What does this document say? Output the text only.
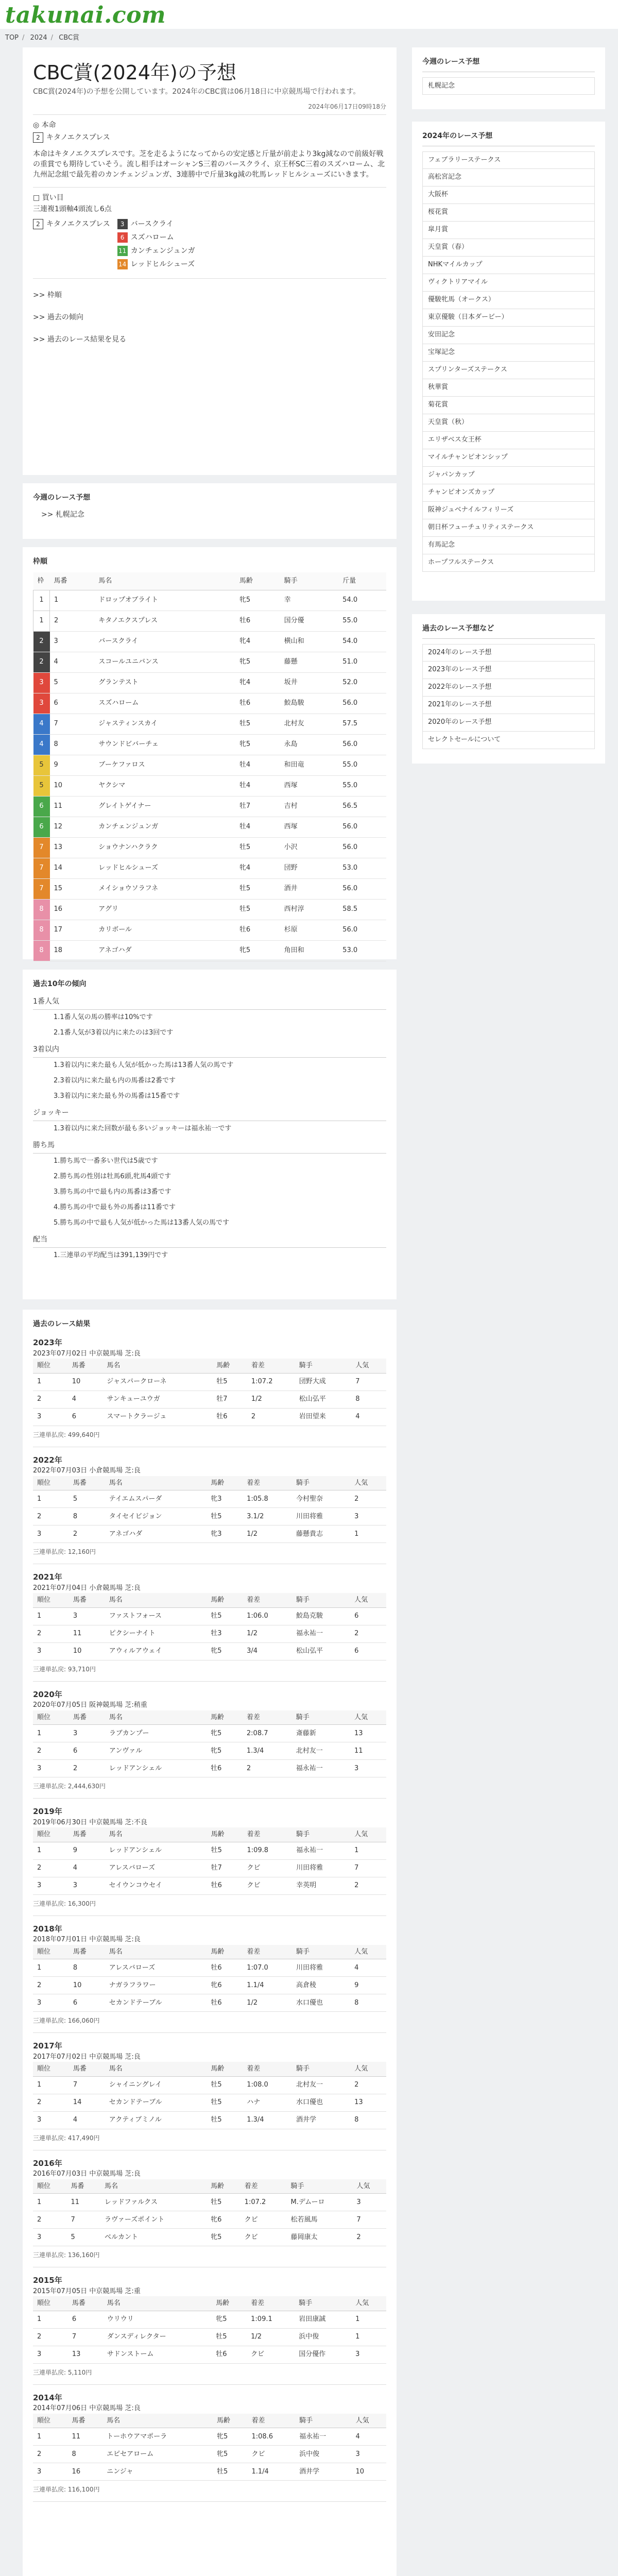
takunai.com
TOP / 2024 / CBC賞
CBC賞(2024年)の予想

CBC賞(2024年)の予想を公開しています。2024年のCBC賞は06月18日に中京競馬場で行われます。

2024年06月17日09時18分
◎ 本命
2 キタノエクスプレス

本命はキタノエクスプレスです。芝を走るようになってからの安定感と斤量が前走より3kg減なので前級好戦の重賞でも期待していそう。流し相手はオーシャンS三着のバースクライ、京王杯SC三着のスズハローム、北九州記念組で最先着のカンチェンジュンガ、3連勝中で斤量3kg減の牝馬レッドヒルシューズにいきます。

□ 買い目
三連複1頭軸4頭流し6点
2 キタノエクスプレス	3 バースクライ
6 スズハローム
11 カンチェンジュンガ
14 レッドヒルシューズ
>> 枠順
>> 過去の傾向
>> 過去のレース結果を見る
今週のレース予想
>> 札幌記念
枠順
枠	馬番	馬名	馬齢	騎手	斤量
1	1	ドロップオブライト	牝5	幸	54.0
1	2	キタノエクスプレス	牡6	国分優	55.0
2	3	バースクライ	牝4	横山和	54.0
2	4	スコールユニバンス	牝5	藤懸	51.0
3	5	グランテスト	牝4	坂井	52.0
3	6	スズハローム	牡6	鮫島駿	56.0
4	7	ジャスティンスカイ	牡5	北村友	57.5
4	8	サウンドビバーチェ	牝5	永島	56.0
5	9	ブーケファロス	牡4	和田竜	55.0
5	10	ヤクシマ	牡4	西塚	55.0
6	11	グレイトゲイナー	牡7	吉村	56.5
6	12	カンチェンジュンガ	牡4	西塚	56.0
7	13	ショウナンハクラク	牡5	小沢	56.0
7	14	レッドヒルシューズ	牝4	団野	53.0
7	15	メイショウソラフネ	牡5	酒井	56.0
8	16	アグリ	牡5	西村淳	58.5
8	17	カリボール	牡6	杉原	56.0
8	18	アネゴハダ	牝5	角田和	53.0
過去10年の傾向
1番人気
1.1番人気の馬の勝率は10%です
2.1番人気が3着以内に来たのは3回です
3着以内
1.3着以内に来た最も人気が低かった馬は13番人気の馬です
2.3着以内に来た最も内の馬番は2番です
3.3着以内に来た最も外の馬番は15番です
ジョッキー
1.3着以内に来た回数が最も多いジョッキーは福永祐一です
勝ち馬
1.勝ち馬で一番多い世代は5歳です
2.勝ち馬の性別は牡馬6頭,牝馬4頭です
3.勝ち馬の中で最も内の馬番は3番です
4.勝ち馬の中で最も外の馬番は11番です
5.勝ち馬の中で最も人気が低かった馬は13番人気の馬です
配当
1.三連単の平均配当は391,139円です
過去のレース結果
2023年
2023年07月02日 中京競馬場 芝:良
順位	馬番	馬名	馬齢	着差	騎手	人気
1	10	ジャスパークローネ	牡5	1:07.2	団野大成	7
2	4	サンキューユウガ	牡7	1/2	松山弘平	8
3	6	スマートクラージュ	牡6	2	岩田望来	4
三連単払戻: 499,640円
2022年
2022年07月03日 小倉競馬場 芝:良
順位	馬番	馬名	馬齢	着差	騎手	人気
1	5	テイエムスパーダ	牝3	1:05.8	今村聖奈	2
2	8	タイセイビジョン	牡5	3.1/2	川田将雅	3
3	2	アネゴハダ	牝3	1/2	藤懸貴志	1
三連単払戻: 12,160円
2021年
2021年07月04日 小倉競馬場 芝:良
順位	馬番	馬名	馬齢	着差	騎手	人気
1	3	ファストフォース	牡5	1:06.0	鮫島克駿	6
2	11	ピクシーナイト	牡3	1/2	福永祐一	2
3	10	アウィルアウェイ	牝5	3/4	松山弘平	6
三連単払戻: 93,710円
2020年
2020年07月05日 阪神競馬場 芝:稍重
順位	馬番	馬名	馬齢	着差	騎手	人気
1	3	ラブカンプー	牝5	2:08.7	斎藤新	13
2	6	アンヴァル	牝5	1.3/4	北村友一	11
3	2	レッドアンシェル	牡6	2	福永祐一	3
三連単払戻: 2,444,630円
2019年
2019年06月30日 中京競馬場 芝:不良
順位	馬番	馬名	馬齢	着差	騎手	人気
1	9	レッドアンシェル	牡5	1:09.8	福永祐一	1
2	4	アレスバローズ	牡7	クビ	川田将雅	7
3	3	セイウンコウセイ	牡6	クビ	幸英明	2
三連単払戻: 16,300円
2018年
2018年07月01日 中京競馬場 芝:良
順位	馬番	馬名	馬齢	着差	騎手	人気
1	8	アレスバローズ	牡6	1:07.0	川田将雅	4
2	10	ナガラフラワー	牝6	1.1/4	高倉稜	9
3	6	セカンドテーブル	牡6	1/2	水口優也	8
三連単払戻: 166,060円
2017年
2017年07月02日 中京競馬場 芝:良
順位	馬番	馬名	馬齢	着差	騎手	人気
1	7	シャイニングレイ	牡5	1:08.0	北村友一	2
2	14	セカンドテーブル	牡5	ハナ	水口優也	13
3	4	アクティブミノル	牡5	1.3/4	酒井学	8
三連単払戻: 417,490円
2016年
2016年07月03日 中京競馬場 芝:良
順位	馬番	馬名	馬齢	着差	騎手	人気
1	11	レッドファルクス	牡5	1:07.2	M.デムーロ	3
2	7	ラヴァーズポイント	牝6	クビ	松若風馬	7
3	5	ベルカント	牝5	クビ	藤岡康太	2
三連単払戻: 136,160円
2015年
2015年07月05日 中京競馬場 芝:重
順位	馬番	馬名	馬齢	着差	騎手	人気
1	6	ウリウリ	牝5	1:09.1	岩田康誠	1
2	7	ダンスディレクター	牡5	1/2	浜中俊	1
3	13	サドンストーム	牡6	クビ	国分優作	3
三連単払戻: 5,110円
2014年
2014年07月06日 中京競馬場 芝:良
順位	馬番	馬名	馬齢	着差	騎手	人気
1	11	トーホウアマポーラ	牝5	1:08.6	福永祐一	4
2	8	エピセアローム	牝5	クビ	浜中俊	3
3	16	ニンジャ	牡5	1.1/4	酒井学	10
三連単払戻: 116,100円
今週のレース予想
札幌記念
2024年のレース予想
フェブラリーステークス
高松宮記念
大阪杯
桜花賞
皐月賞
天皇賞（春）
NHKマイルカップ
ヴィクトリアマイル
優駿牝馬（オークス）
東京優駿（日本ダービー）
安田記念
宝塚記念
スプリンターズステークス
秋華賞
菊花賞
天皇賞（秋）
エリザベス女王杯
マイルチャンピオンシップ
ジャパンカップ
チャンピオンズカップ
阪神ジュベナイルフィリーズ
朝日杯フューチュリティステークス
有馬記念
ホープフルステークス
過去のレース予想など
2024年のレース予想
2023年のレース予想
2022年のレース予想
2021年のレース予想
2020年のレース予想
セレクトセールについて
